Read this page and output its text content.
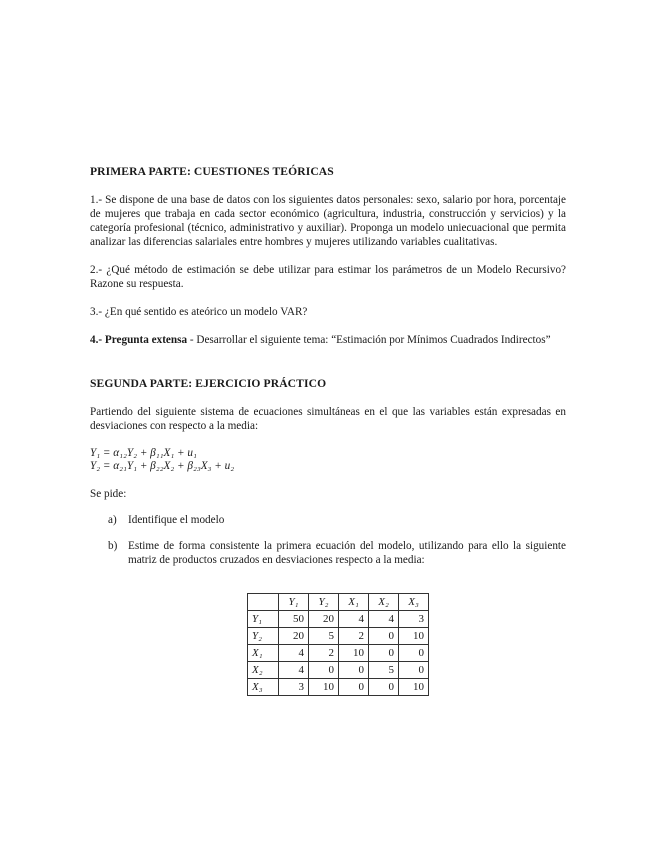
PRIMERA PARTE: CUESTIONES TEÓRICAS

1.- Se dispone de una base de datos con los siguientes datos personales: sexo, salario por hora, porcentaje de mujeres que trabaja en cada sector económico (agricultura, industria, construcción y servicios) y la categoría profesional (técnico, administrativo y auxiliar). Proponga un modelo uniecuacional que permita analizar las diferencias salariales entre hombres y mujeres utilizando variables cualitativas.

2.- ¿Qué método de estimación se debe utilizar para estimar los parámetros de un Modelo Recursivo? Razone su respuesta.

3.- ¿En qué sentido es ateórico un modelo VAR?

4.- Pregunta extensa - Desarrollar el siguiente tema: “Estimación por Mínimos Cuadrados Indirectos”

SEGUNDA PARTE: EJERCICIO PRÁCTICO

Partiendo del siguiente sistema de ecuaciones simultáneas en el que las variables están expresadas en desviaciones con respecto a la media:

Y₁ = α₁₂Y₂ + β₁₁X₁ + u₁
Y₂ = α₂₁Y₁ + β₂₂X₂ + β₂₃X₃ + u₂

Se pide:

a)	Identifique el modelo
b) Estime de forma consistente la primera ecuación del modelo, utilizando para ello la siguiente matriz de productos cruzados en desviaciones respecto a la media:
	Y₁	Y₂	X₁	X₂	X₃
Y₁	50	20	4	4	3
Y₂	20	5	2	0	10
X₁	4	2	10	0	0
X₂	4	0	0	5	0
X₃	3	10	0	0	10
